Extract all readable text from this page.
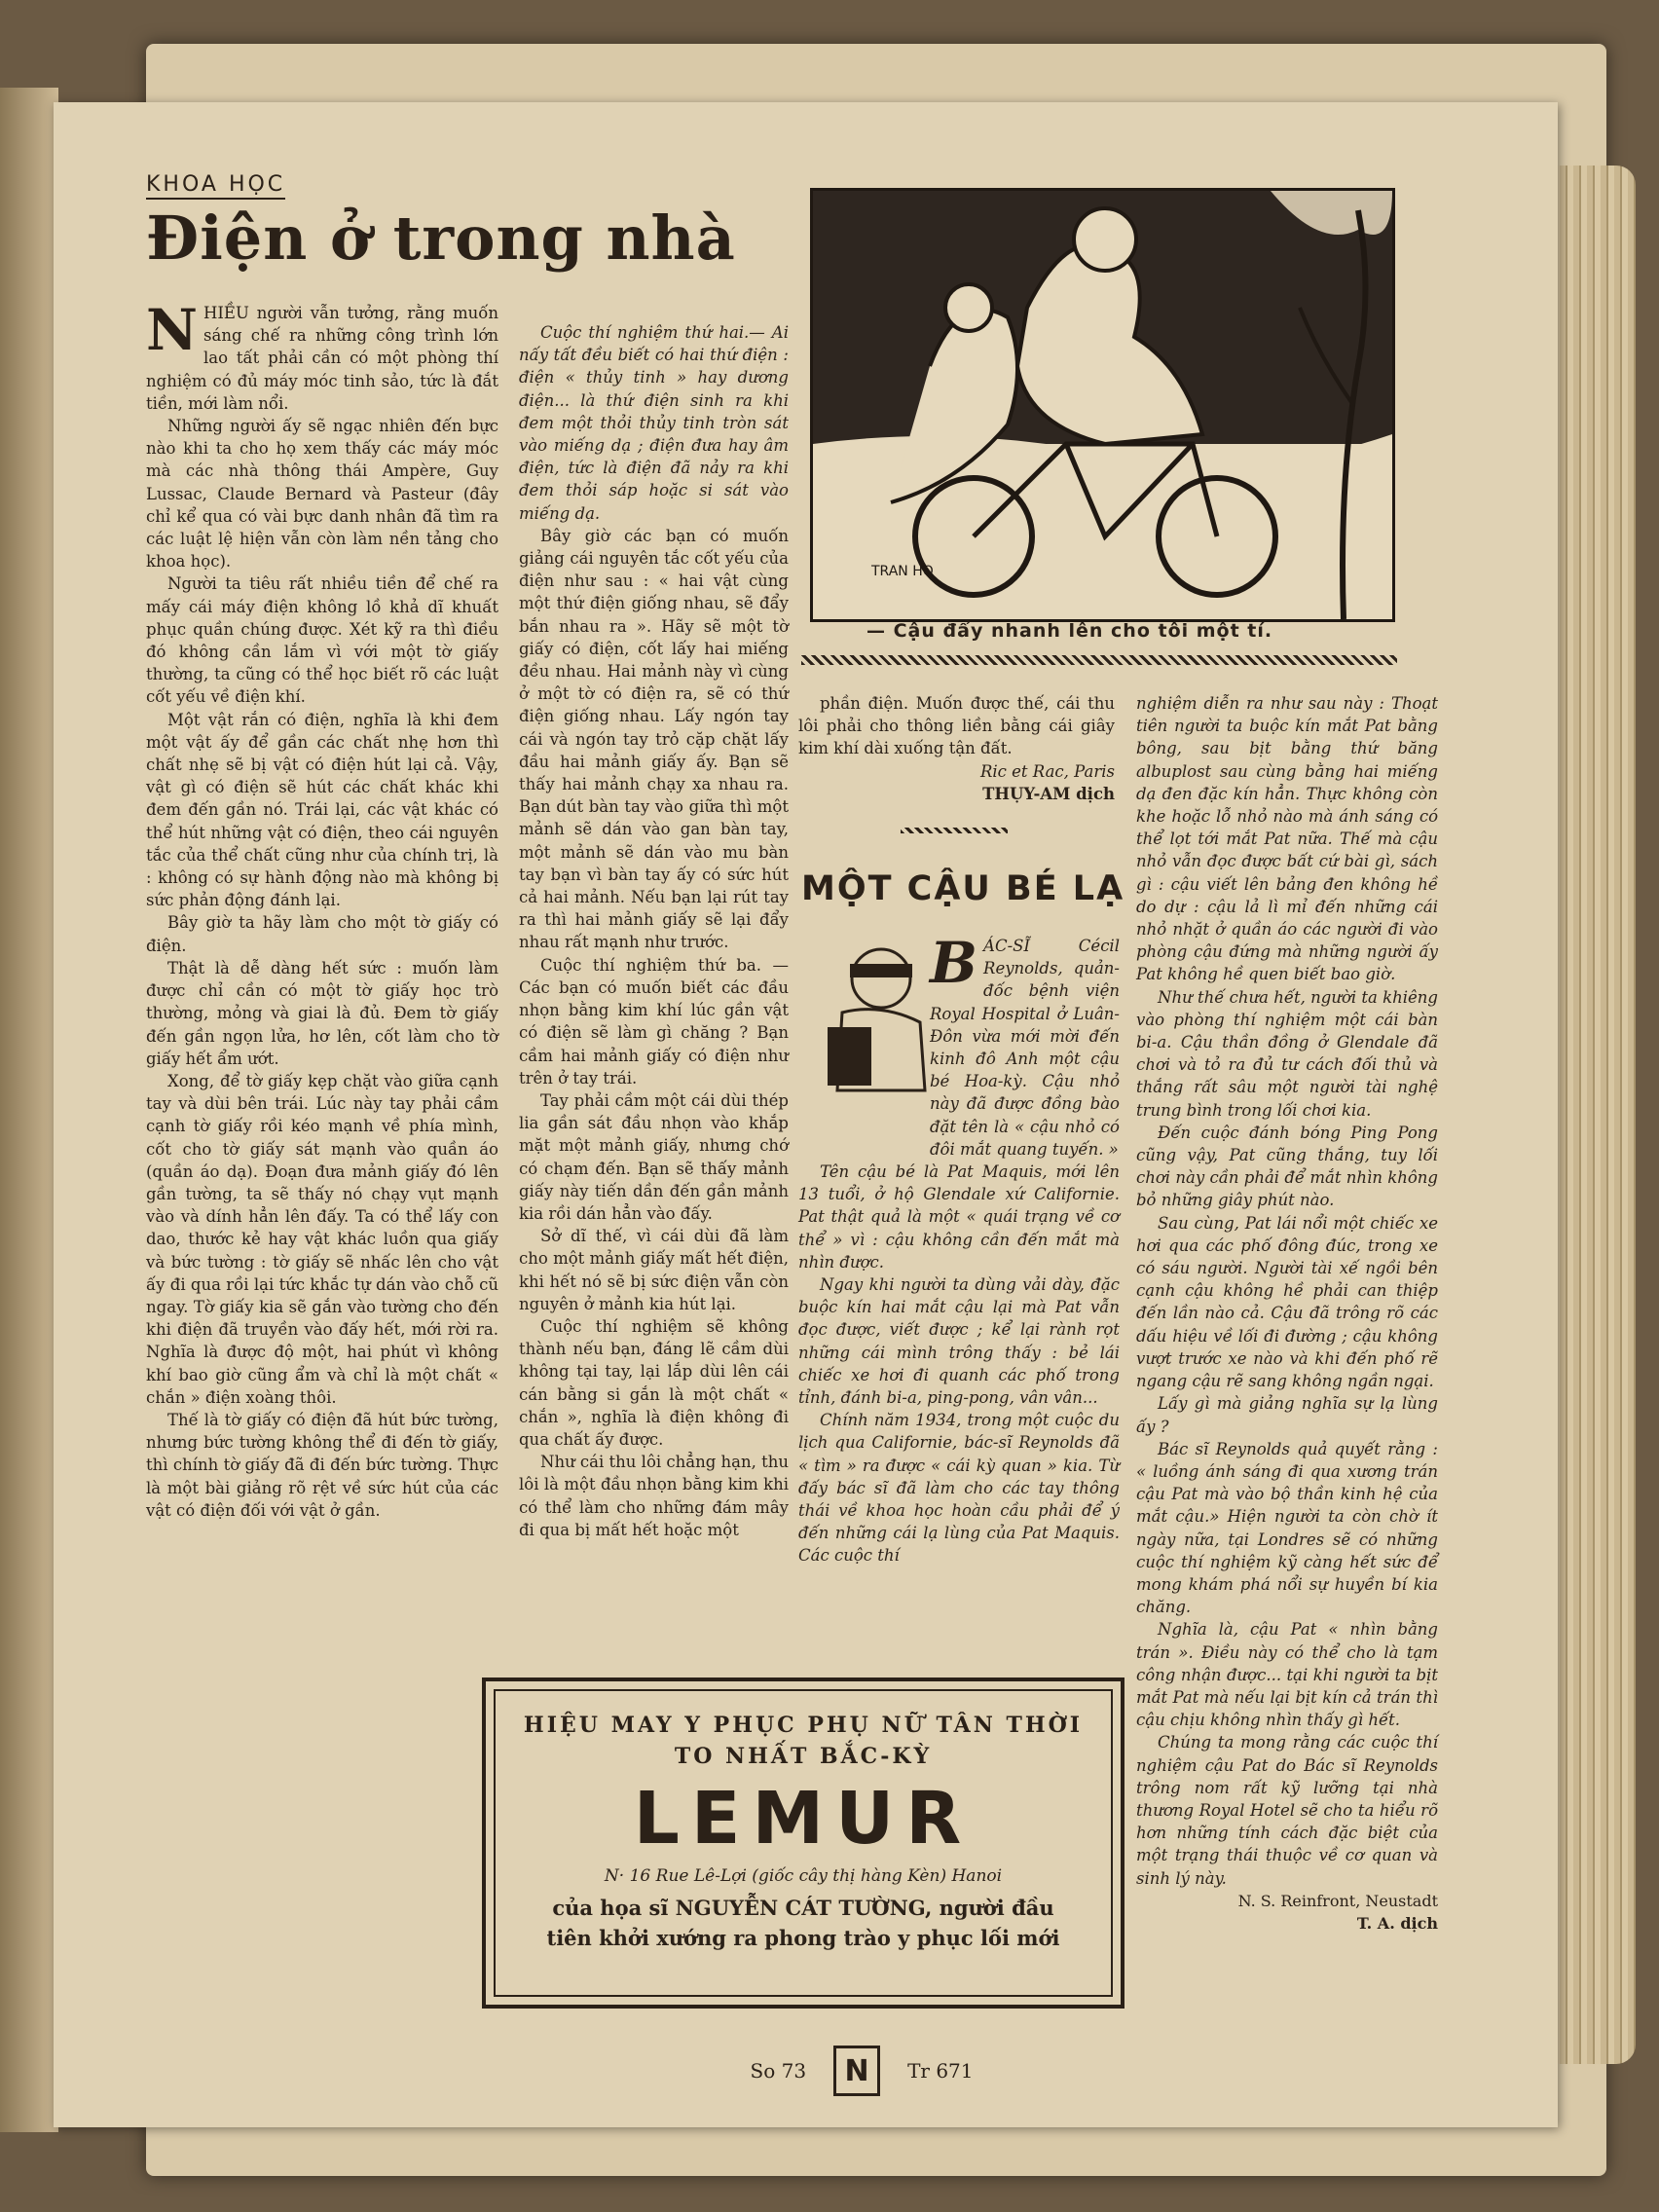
KHOA HỌC
Điện ở trong nhà

NHIỀU người vẫn tưởng, rằng muốn sáng chế ra những công trình lớn lao tất phải cần có một phòng thí nghiệm có đủ máy móc tinh sảo, tức là đắt tiền, mới làm nổi.

Những người ấy sẽ ngạc nhiên đến bực nào khi ta cho họ xem thấy các máy móc mà các nhà thông thái Ampère, Guy Lussac, Claude Bernard và Pasteur (đây chỉ kể qua có vài bực danh nhân đã tìm ra các luật lệ hiện vẫn còn làm nền tảng cho khoa học).

Người ta tiêu rất nhiều tiền để chế ra mấy cái máy điện không lồ khả dĩ khuất phục quần chúng được. Xét kỹ ra thì điều đó không cần lắm vì với một tờ giấy thường, ta cũng có thể học biết rõ các luật cốt yếu về điện khí.

Một vật rắn có điện, nghĩa là khi đem một vật ấy để gần các chất nhẹ hơn thì chất nhẹ sẽ bị vật có điện hút lại cả. Vậy, vật gì có điện sẽ hút các chất khác khi đem đến gần nó. Trái lại, các vật khác có thể hút những vật có điện, theo cái nguyên tắc của thể chất cũng như của chính trị, là : không có sự hành động nào mà không bị sức phản động đánh lại.

Bây giờ ta hãy làm cho một tờ giấy có điện.

Thật là dễ dàng hết sức : muốn làm được chỉ cần có một tờ giấy học trò thường, mỏng và giai là đủ. Đem tờ giấy đến gần ngọn lửa, hơ lên, cốt làm cho tờ giấy hết ẩm ướt.

Xong, để tờ giấy kẹp chặt vào giữa cạnh tay và dùi bên trái. Lúc này tay phải cầm cạnh tờ giấy rồi kéo mạnh về phía mình, cốt cho tờ giấy sát mạnh vào quần áo (quần áo dạ). Đoạn đưa mảnh giấy đó lên gần tường, ta sẽ thấy nó chạy vụt mạnh vào và dính hẳn lên đấy. Ta có thể lấy con dao, thước kẻ hay vật khác luồn qua giấy và bức tường : tờ giấy sẽ nhấc lên cho vật ấy đi qua rồi lại tức khắc tự dán vào chỗ cũ ngay. Tờ giấy kia sẽ gắn vào tường cho đến khi điện đã truyền vào đấy hết, mới rời ra. Nghĩa là được độ một, hai phút vì không khí bao giờ cũng ẩm và chỉ là một chất « chắn » điện xoàng thôi.

Thế là tờ giấy có điện đã hút bức tường, nhưng bức tường không thể đi đến tờ giấy, thì chính tờ giấy đã đi đến bức tường. Thực là một bài giảng rõ rệt về sức hút của các vật có điện đối với vật ở gần.

Cuộc thí nghiệm thứ hai.— Ai nấy tất đều biết có hai thứ điện : điện « thủy tinh » hay dương điện... là thứ điện sinh ra khi đem một thỏi thủy tinh tròn sát vào miếng dạ ; điện đưa hay âm điện, tức là điện đã nảy ra khi đem thỏi sáp hoặc si sát vào miếng dạ.

Bây giờ các bạn có muốn giảng cái nguyên tắc cốt yếu của điện như sau : « hai vật cùng một thứ điện giống nhau, sẽ đẩy bắn nhau ra ». Hãy sẽ một tờ giấy có điện, cốt lấy hai miếng đều nhau. Hai mảnh này vì cùng ở một tờ có điện ra, sẽ có thứ điện giống nhau. Lấy ngón tay cái và ngón tay trỏ cặp chặt lấy đầu hai mảnh giấy ấy. Bạn sẽ thấy hai mảnh chạy xa nhau ra. Bạn dút bàn tay vào giữa thì một mảnh sẽ dán vào gan bàn tay, một mảnh sẽ dán vào mu bàn tay bạn vì bàn tay ấy có sức hút cả hai mảnh. Nếu bạn lại rút tay ra thì hai mảnh giấy sẽ lại đẩy nhau rất mạnh như trước.

Cuộc thí nghiệm thứ ba. — Các bạn có muốn biết các đầu nhọn bằng kim khí lúc gần vật có điện sẽ làm gì chăng ? Bạn cầm hai mảnh giấy có điện như trên ở tay trái.

Tay phải cầm một cái dùi thép lia gần sát đầu nhọn vào khắp mặt một mảnh giấy, nhưng chớ có chạm đến. Bạn sẽ thấy mảnh giấy này tiến dần đến gần mảnh kia rồi dán hẳn vào đấy.

Sở dĩ thế, vì cái dùi đã làm cho một mảnh giấy mất hết điện, khi hết nó sẽ bị sức điện vẫn còn nguyên ở mảnh kia hút lại.

Cuộc thí nghiệm sẽ không thành nếu bạn, đáng lẽ cầm dùi không tại tay, lại lắp dùi lên cái cán bằng si gắn là một chất « chắn », nghĩa là điện không đi qua chất ấy được.

Như cái thu lôi chẳng hạn, thu lôi là một đầu nhọn bằng kim khi có thể làm cho những đám mây đi qua bị mất hết hoặc một

TRAN HO
— Cậu đẩy nhanh lên cho tôi một tí.

phần điện. Muốn được thế, cái thu lôi phải cho thông liền bằng cái giây kim khí dài xuống tận đất.

Ric et Rac, Paris

THỤY-AM dịch

MỘT CẬU BÉ LẠ

BÁC-SĨ Cécil Reynolds, quản-đốc bệnh viện Royal Hospital ở Luân-Đôn vừa mới mời đến kinh đô Anh một cậu bé Hoa-kỳ. Cậu nhỏ này đã được đồng bào đặt tên là « cậu nhỏ có đôi mắt quang tuyến. »

Tên cậu bé là Pat Maquis, mới lên 13 tuổi, ở hộ Glendale xứ Californie. Pat thật quả là một « quái trạng về cơ thể » vì : cậu không cần đến mắt mà nhìn được.

Ngay khi người ta dùng vải dày, đặc buộc kín hai mắt cậu lại mà Pat vẫn đọc được, viết được ; kể lại rành rọt những cái mình trông thấy : bẻ lái chiếc xe hơi đi quanh các phố trong tỉnh, đánh bi-a, ping-pong, vân vân...

Chính năm 1934, trong một cuộc du lịch qua Californie, bác-sĩ Reynolds đã « tìm » ra được « cái kỳ quan » kia. Từ đấy bác sĩ đã làm cho các tay thông thái về khoa học hoàn cầu phải để ý đến những cái lạ lùng của Pat Maquis. Các cuộc thí

nghiệm diễn ra như sau này : Thoạt tiên người ta buộc kín mắt Pat bằng bông, sau bịt bằng thứ băng albuplost sau cùng bằng hai miếng dạ đen đặc kín hẳn. Thực không còn khe hoặc lỗ nhỏ nào mà ánh sáng có thể lọt tới mắt Pat nữa. Thế mà cậu nhỏ vẫn đọc được bất cứ bài gì, sách gì : cậu viết lên bảng đen không hề do dự : cậu lả lì mỉ đến những cái nhỏ nhặt ở quần áo các người đi vào phòng cậu đứng mà những người ấy Pat không hề quen biết bao giờ.

Như thế chưa hết, người ta khiêng vào phòng thí nghiệm một cái bàn bi-a. Cậu thần đồng ở Glendale đã chơi và tỏ ra đủ tư cách đối thủ và thắng rất sâu một người tài nghệ trung bình trong lối chơi kia.

Đến cuộc đánh bóng Ping Pong cũng vậy, Pat cũng thắng, tuy lối chơi này cần phải để mắt nhìn không bỏ những giây phút nào.

Sau cùng, Pat lái nổi một chiếc xe hơi qua các phố đông đúc, trong xe có sáu người. Người tài xế ngồi bên cạnh cậu không hề phải can thiệp đến lần nào cả. Cậu đã trông rõ các dấu hiệu về lối đi đường ; cậu không vượt trước xe nào và khi đến phố rẽ ngang cậu rẽ sang không ngần ngại.

Lấy gì mà giảng nghĩa sự lạ lùng ấy ?

Bác sĩ Reynolds quả quyết rằng : « luồng ánh sáng đi qua xương trán cậu Pat mà vào bộ thần kinh hệ của mắt cậu.» Hiện người ta còn chờ ít ngày nữa, tại Londres sẽ có những cuộc thí nghiệm kỹ càng hết sức để mong khám phá nổi sự huyền bí kia chăng.

Nghĩa là, cậu Pat « nhìn bằng trán ». Điều này có thể cho là tạm công nhận được... tại khi người ta bịt mắt Pat mà nếu lại bịt kín cả trán thì cậu chịu không nhìn thấy gì hết.

Chúng ta mong rằng các cuộc thí nghiệm cậu Pat do Bác sĩ Reynolds trông nom rất kỹ lưỡng tại nhà thương Royal Hotel sẽ cho ta hiểu rõ hơn những tính cách đặc biệt của một trạng thái thuộc về cơ quan và sinh lý này.

N. S. Reinfront, Neustadt

T. A. dịch

HIỆU MAY Y PHỤC PHỤ NỮ TÂN THỜI
TO NHẤT BẮC-KỲ
LEMUR
N· 16 Rue Lê-Lợi (giốc cây thị hàng Kèn) Hanoi
của họa sĩ NGUYỄN CÁT TƯỜNG, người đầu
tiên khởi xướng ra phong trào y phục lối mới
So 73	N	Tr 671
